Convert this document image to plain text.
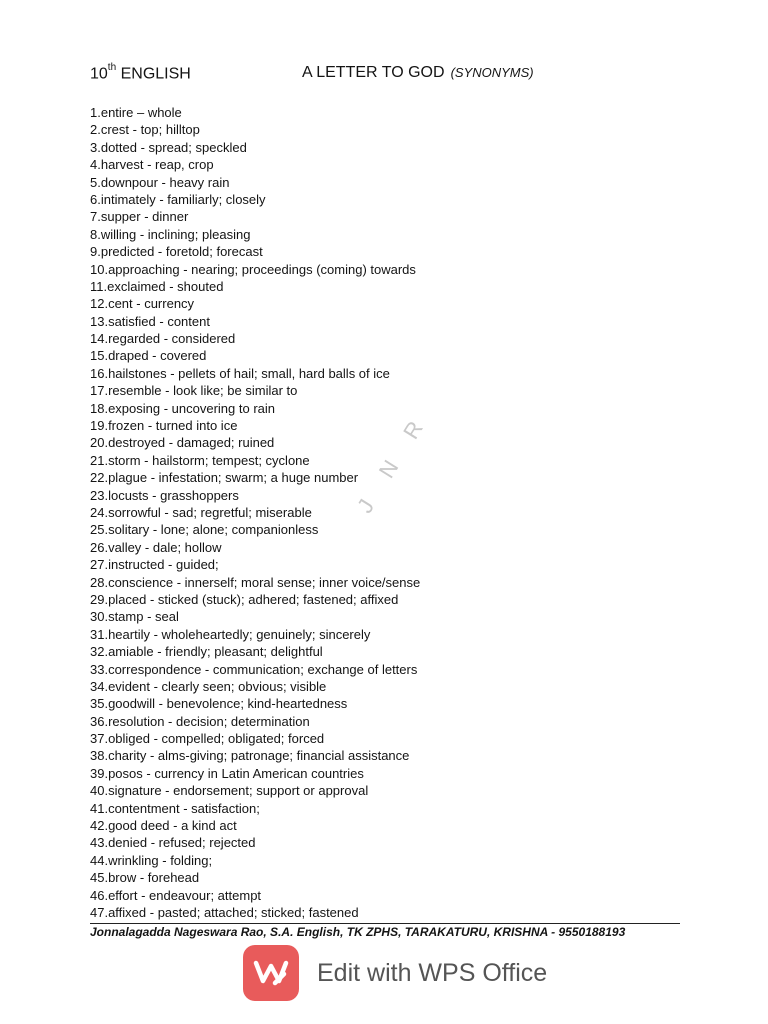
10th ENGLISH	A LETTER TO GOD (SYNONYMS)
1.entire – whole
2.crest - top; hilltop
3.dotted - spread; speckled
4.harvest - reap, crop
5.downpour - heavy rain
6.intimately - familiarly; closely
7.supper - dinner
8.willing - inclining; pleasing
9.predicted - foretold; forecast
10.approaching - nearing; proceedings (coming) towards
11.exclaimed - shouted
12.cent - currency
13.satisfied - content
14.regarded - considered
15.draped - covered
16.hailstones - pellets of hail; small, hard balls of ice
17.resemble - look like; be similar to
18.exposing - uncovering to rain
19.frozen - turned into ice
20.destroyed - damaged; ruined
21.storm - hailstorm; tempest; cyclone
22.plague - infestation; swarm; a huge number
23.locusts - grasshoppers
24.sorrowful - sad; regretful; miserable
25.solitary - lone; alone; companionless
26.valley - dale; hollow
27.instructed - guided;
28.conscience - innerself; moral sense; inner voice/sense
29.placed - sticked (stuck); adhered; fastened; affixed
30.stamp - seal
31.heartily - wholeheartedly; genuinely; sincerely
32.amiable - friendly; pleasant; delightful
33.correspondence - communication; exchange of letters
34.evident - clearly seen; obvious; visible
35.goodwill - benevolence; kind-heartedness
36.resolution - decision; determination
37.obliged - compelled; obligated; forced
38.charity - alms-giving; patronage; financial assistance
39.posos - currency in Latin American countries
40.signature - endorsement; support or approval
41.contentment - satisfaction;
42.good deed - a kind act
43.denied - refused; rejected
44.wrinkling - folding;
45.brow - forehead
46.effort - endeavour; attempt
47.affixed - pasted; attached; sticked; fastened
J N R
Jonnalagadda Nageswara Rao, S.A. English, TK ZPHS, TARAKATURU, KRISHNA - 9550188193
Edit with WPS Office
